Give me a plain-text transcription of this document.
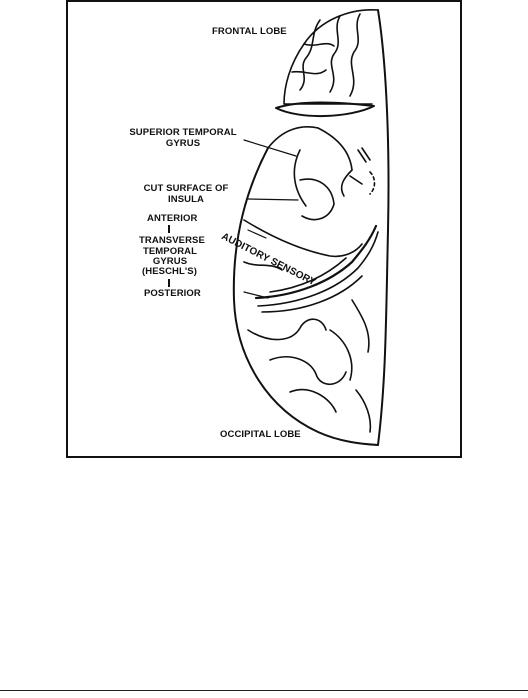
FRONTAL LOBE
SUPERIOR TEMPORAL GYRUS
CUT SURFACE OF INSULA
ANTERIOR
TRANSVERSE TEMPORAL GYRUS
(HESCHL'S)
POSTERIOR
AUDITORY SENSORY
OCCIPITAL LOBE
